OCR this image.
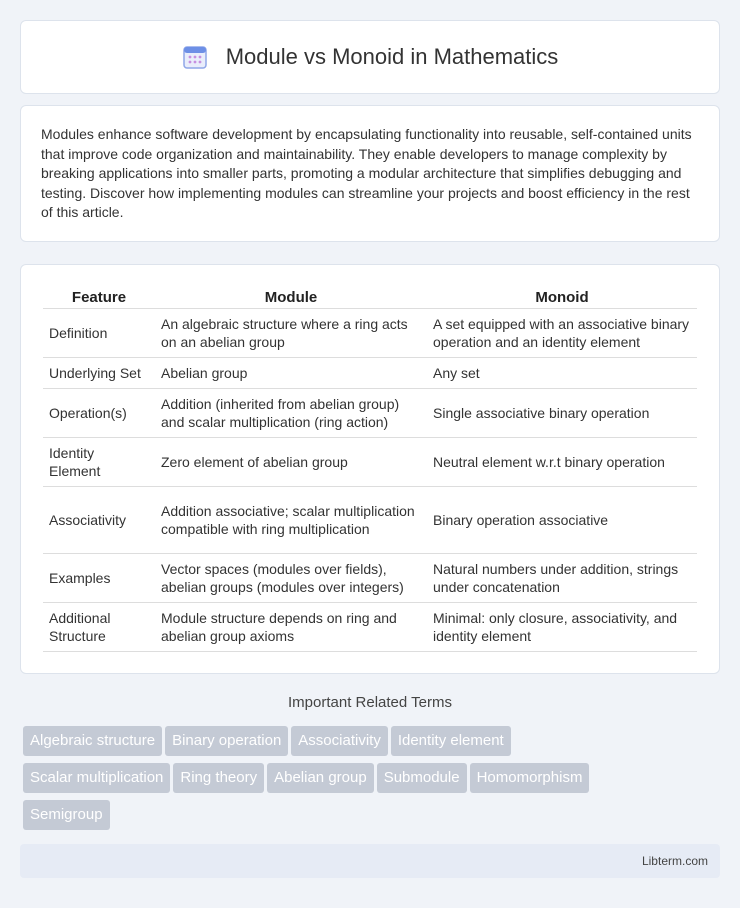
Module vs Monoid in Mathematics

Modules enhance software development by encapsulating functionality into reusable, self-contained units that improve code organization and maintainability. They enable developers to manage complexity by breaking applications into smaller parts, promoting a modular architecture that simplifies debugging and testing. Discover how implementing modules can streamline your projects and boost efficiency in the rest of this article.

Feature	Module	Monoid
Definition	An algebraic structure where a ring acts on an abelian group	A set equipped with an associative binary operation and an identity element
Underlying Set	Abelian group	Any set
Operation(s)	Addition (inherited from abelian group) and scalar multiplication (ring action)	Single associative binary operation
Identity Element	Zero element of abelian group	Neutral element w.r.t binary operation
Associativity	Addition associative; scalar multiplication compatible with ring multiplication	Binary operation associative
Examples	Vector spaces (modules over fields), abelian groups (modules over integers)	Natural numbers under addition, strings under concatenation
Additional Structure	Module structure depends on ring and abelian group axioms	Minimal: only closure, associativity, and identity element
Important Related Terms
Algebraic structure Binary operation Associativity Identity element
Scalar multiplication Ring theory Abelian group Submodule Homomorphism
Semigroup
Libterm.com
